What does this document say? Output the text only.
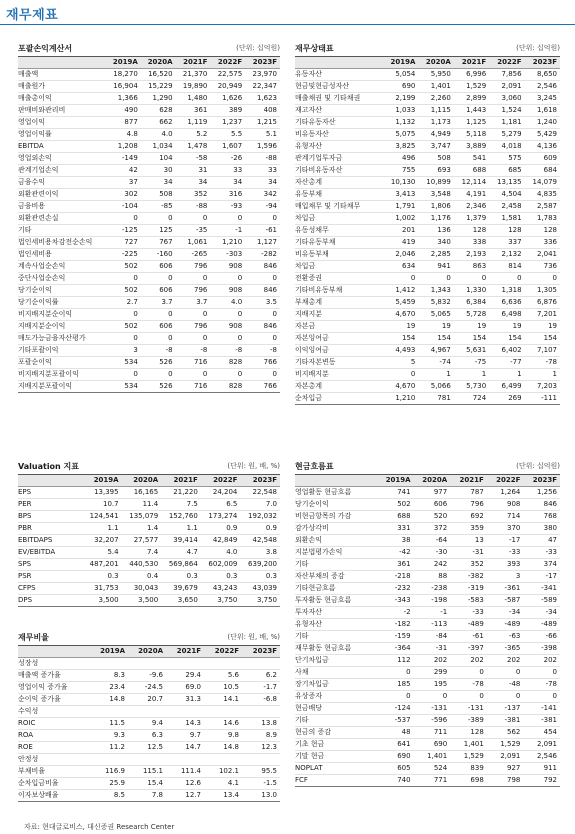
재무제표
포괄손익계산서	(단위: 십억원)
	2019A	2020A	2021F	2022F	2023F
매출액	18,270	16,520	21,370	22,575	23,970
매출원가	16,904	15,229	19,890	20,949	22,347
매출총이익	1,366	1,290	1,480	1,626	1,623
판매비와관리비	490	628	361	389	408
영업이익	877	662	1,119	1,237	1,215
영업이익률	4.8	4.0	5.2	5.5	5.1
EBITDA	1,208	1,034	1,478	1,607	1,596
영업외손익	-149	104	-58	-26	-88
관계기업손익	42	30	31	33	33
금융수익	37	34	34	34	34
외환관련이익	302	508	352	316	342
금융비용	-104	-85	-88	-93	-94
외환관련손실	0	0	0	0	0
기타	-125	125	-35	-1	-61
법인세비용차감전순손익	727	767	1,061	1,210	1,127
법인세비용	-225	-160	-265	-303	-282
계속사업순손익	502	606	796	908	846
중단사업순손익	0	0	0	0	0
당기순이익	502	606	796	908	846
당기순이익률	2.7	3.7	3.7	4.0	3.5
비지배지분순이익	0	0	0	0	0
지배지분순이익	502	606	796	908	846
매도가능금융자산평가	0	0	0	0	0
기타포괄이익	3	-8	-8	-8	-8
포괄순이익	534	526	716	828	766
비지배지분포괄이익	0	0	0	0	0
지배지분포괄이익	534	526	716	828	766
재무상태표	(단위: 십억원)
	2019A	2020A	2021F	2022F	2023F
유동자산	5,054	5,950	6,996	7,856	8,650
현금및현금성자산	690	1,401	1,529	2,091	2,546
매출채권 및 기타채권	2,199	2,260	2,899	3,060	3,245
재고자산	1,033	1,115	1,443	1,524	1,618
기타유동자산	1,132	1,173	1,125	1,181	1,240
비유동자산	5,075	4,949	5,118	5,279	5,429
유형자산	3,825	3,747	3,889	4,018	4,136
관계기업투자금	496	508	541	575	609
기타비유동자산	755	693	688	685	684
자산총계	10,130	10,899	12,114	13,135	14,079
유동부채	3,413	3,548	4,191	4,504	4,835
매입채무 및 기타채무	1,791	1,806	2,346	2,458	2,587
차입금	1,002	1,176	1,379	1,581	1,783
유동성채무	201	136	128	128	128
기타유동부채	419	340	338	337	336
비유동부채	2,046	2,285	2,193	2,132	2,041
차입금	634	941	863	814	736
전환증권	0	0	0	0	0
기타비유동부채	1,412	1,343	1,330	1,318	1,305
부채총계	5,459	5,832	6,384	6,636	6,876
지배지분	4,670	5,065	5,728	6,498	7,201
자본금	19	19	19	19	19
자본잉여금	154	154	154	154	154
이익잉여금	4,493	4,967	5,631	6,402	7,107
기타자본변동	5	-74	-75	-77	-78
비지배지분	0	1	1	1	1
자본총계	4,670	5,066	5,730	6,499	7,203
순차입금	1,210	781	724	269	-111
Valuation 지표	(단위: 원, 배, %)
	2019A	2020A	2021F	2022F	2023F
EPS	13,395	16,165	21,220	24,204	22,548
PER	10.7	11.4	7.5	6.5	7.0
BPS	124,541	135,079	152,760	173,274	192,032
PBR	1.1	1.4	1.1	0.9	0.9
EBITDAPS	32,207	27,577	39,414	42,849	42,548
EV/EBITDA	5.4	7.4	4.7	4.0	3.8
SPS	487,201	440,530	569,864	602,009	639,200
PSR	0.3	0.4	0.3	0.3	0.3
CFPS	31,753	30,043	39,679	43,243	43,039
DPS	3,500	3,500	3,650	3,750	3,750
재무비율	(단위: 원, 배, %)
	2019A	2020A	2021F	2022F	2023F
성장성					
매출액 증가율	8.3	-9.6	29.4	5.6	6.2
영업이익 증가율	23.4	-24.5	69.0	10.5	-1.7
순이익 증가율	14.8	20.7	31.3	14.1	-6.8
수익성					
ROIC	11.5	9.4	14.3	14.6	13.8
ROA	9.3	6.3	9.7	9.8	8.9
ROE	11.2	12.5	14.7	14.8	12.3
안정성					
부채비율	116.9	115.1	111.4	102.1	95.5
순차입금비율	25.9	15.4	12.6	4.1	-1.5
이자보상배율	8.5	7.8	12.7	13.4	13.0
현금흐름표	(단위: 십억원)
	2019A	2020A	2021F	2022F	2023F
영업활동 현금흐름	741	977	787	1,264	1,256
당기순이익	502	606	796	908	846
비현금항목의 가감	688	520	692	714	768
감가상각비	331	372	359	370	380
외환손익	38	-64	13	-17	47
지분법평가손익	-42	-30	-31	-33	-33
기타	361	242	352	393	374
자산부채의 증감	-218	88	-382	3	-17
기타현금흐름	-232	-238	-319	-361	-341
투자활동 현금흐름	-343	-198	-583	-587	-589
투자자산	-2	-1	-33	-34	-34
유형자산	-182	-113	-489	-489	-489
기타	-159	-84	-61	-63	-66
재무활동 현금흐름	-364	-31	-397	-365	-398
단기차입금	112	202	202	202	202
사채	0	299	0	0	0
장기차입금	185	195	-78	-48	-78
유상증자	0	0	0	0	0
현금배당	-124	-131	-131	-137	-141
기타	-537	-596	-389	-381	-381
현금의 증감	48	711	128	562	454
기초 현금	641	690	1,401	1,529	2,091
기말 현금	690	1,401	1,529	2,091	2,546
NOPLAT	605	524	839	927	911
FCF	740	771	698	798	792
자료: 현대글로비스, 대신증권 Research Center
